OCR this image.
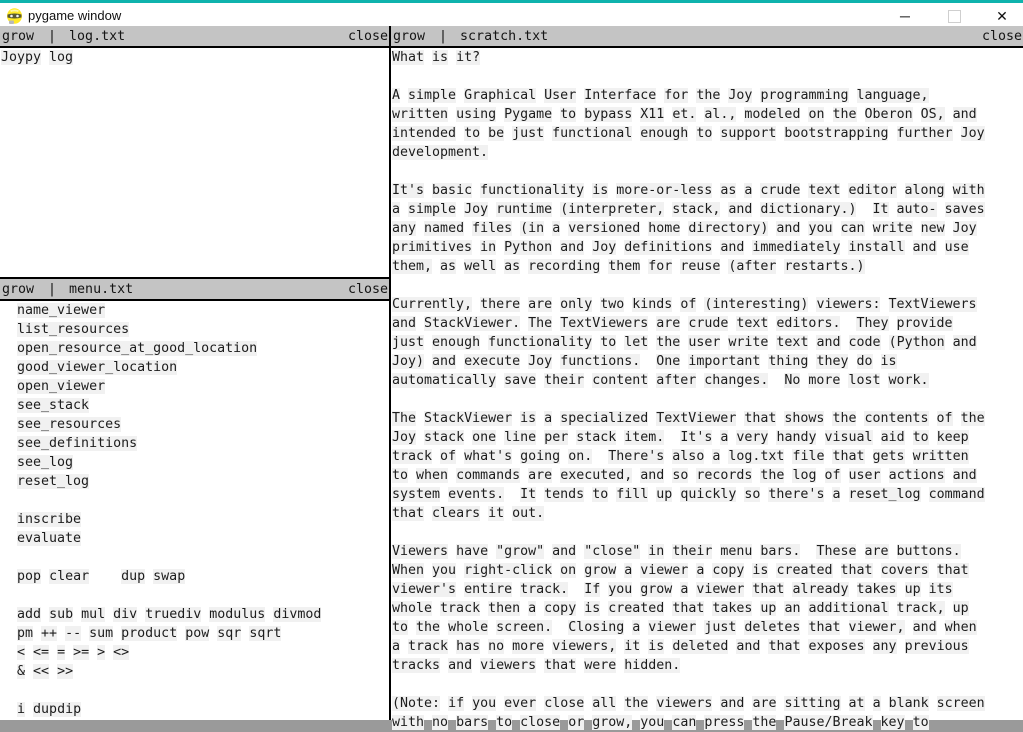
pygame window	─	✕
grow | log.txt	close
Joypy log
grow | menu.txt	close
name_viewer
list_resources
open_resource_at_good_location
good_viewer_location
open_viewer
see_stack
see_resources
see_definitions
see_log
reset_log

inscribe
evaluate

pop clear dup swap

add sub mul div truediv modulus divmod
pm ++ -- sum product pow sqr sqrt
< <= = >= > <>
& << >>

i dupdip
grow | scratch.txt	close
What is it?

A simple Graphical User Interface for the Joy programming language,
written using Pygame to bypass X11 et. al., modeled on the Oberon OS, and
intended to be just functional enough to support bootstrapping further Joy
development.

It's basic functionality is more-or-less as a crude text editor along with
a simple Joy runtime (interpreter, stack, and dictionary.) It auto- saves
any named files (in a versioned home directory) and you can write new Joy
primitives in Python and Joy definitions and immediately install and use
them, as well as recording them for reuse (after restarts.)

Currently, there are only two kinds of (interesting) viewers: TextViewers
and StackViewer. The TextViewers are crude text editors. They provide
just enough functionality to let the user write text and code (Python and
Joy) and execute Joy functions. One important thing they do is
automatically save their content after changes. No more lost work.

The StackViewer is a specialized TextViewer that shows the contents of the
Joy stack one line per stack item. It's a very handy visual aid to keep
track of what's going on. There's also a log.txt file that gets written
to when commands are executed, and so records the log of user actions and
system events. It tends to fill up quickly so there's a reset_log command
that clears it out.

Viewers have "grow" and "close" in their menu bars. These are buttons.
When you right-click on grow a viewer a copy is created that covers that
viewer's entire track. If you grow a viewer that already takes up its
whole track then a copy is created that takes up an additional track, up
to the whole screen. Closing a viewer just deletes that viewer, and when
a track has no more viewers, it is deleted and that exposes any previous
tracks and viewers that were hidden.

(Note: if you ever close all the viewers and are sitting at a blank screen
with no bars to close or grow, you can press the Pause/Break key to
